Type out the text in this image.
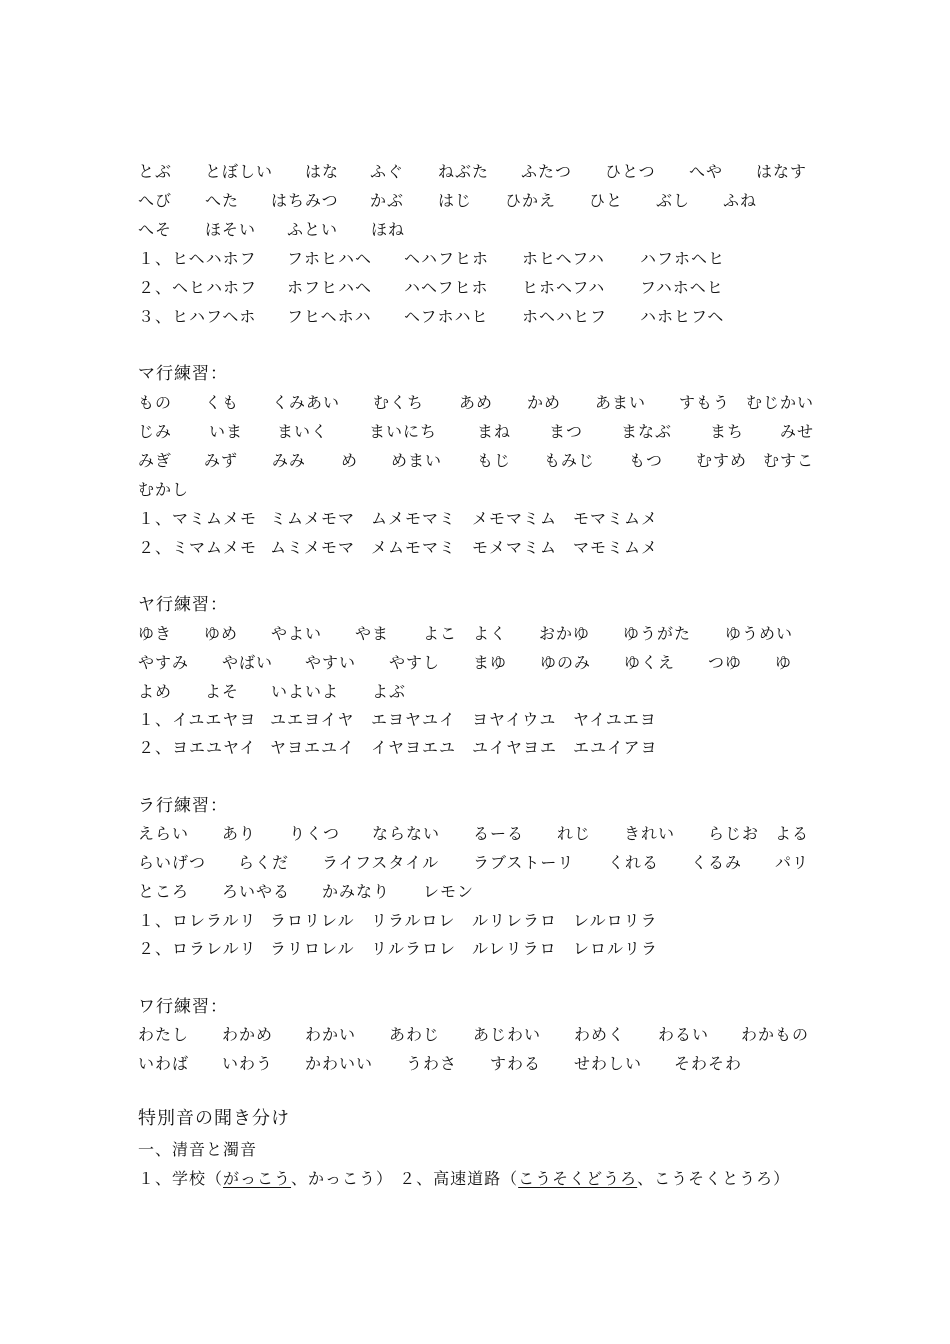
とぶ とぼしい はな ふぐ ねぶた ふたつ ひとつ へや はなす
へび へた はちみつ かぶ はじ ひかえ ひと ぶし ふね
へそ ほそい ふとい ほね
１、ヒヘハホフ フホヒハヘ ヘハフヒホ ホヒヘフハ ハフホヘヒ
２、ヘヒハホフ ホフヒハヘ ハヘフヒホ ヒホヘフハ フハホヘヒ
３、ヒハフヘホ フヒヘホハ ヘフホハヒ ホヘハヒフ ハホヒフヘ
マ行練習：
もの くも くみあい むくち あめ かめ あまい すもう むじかい
じみ いま まいく	まいにち まね まつ まなぶ まち みせ
みぎ みず みみ め めまい もじ もみじ もつ むすめ むすこ
むかし
１、マミムメモ ミムメモマ ムメモマミ メモマミム モマミムメ
２、ミマムメモ ムミメモマ メムモマミ モメマミム マモミムメ
ヤ行練習：
ゆき ゆめ やよい やま よこ よく おかゆ ゆうがた ゆうめい
やすみ やばい やすい やすし まゆ ゆのみ ゆくえ つゆ ゆ
よめ よそ いよいよ よぶ
１、イユエヤヨ ユエヨイヤ エヨヤユイ ヨヤイウユ ヤイユエヨ
２、ヨエユヤイ ヤヨエユイ イヤヨエユ ユイヤヨエ エユイアヨ
ラ行練習：
えらい あり りくつ ならない るーる れじ きれい らじお よる
らいげつ らくだ ライフスタイル ラブストーリ くれる くるみ パリ
ところ ろいやる かみなり レモン
１、ロレラルリ ラロリレル リラルロレ ルリレラロ レルロリラ
２、ロラレルリ ラリロレル リルラロレ ルレリラロ レロルリラ
ワ行練習：
わたし わかめ わかい あわじ あじわい わめく わるい わかもの
いわば いわう かわいい うわさ すわる せわしい そわそわ
特別音の聞き分け
一、清音と濁音
１、学校（がっこう、かっこう） ２、高速道路（こうそくどうろ、こうそくとうろ）
